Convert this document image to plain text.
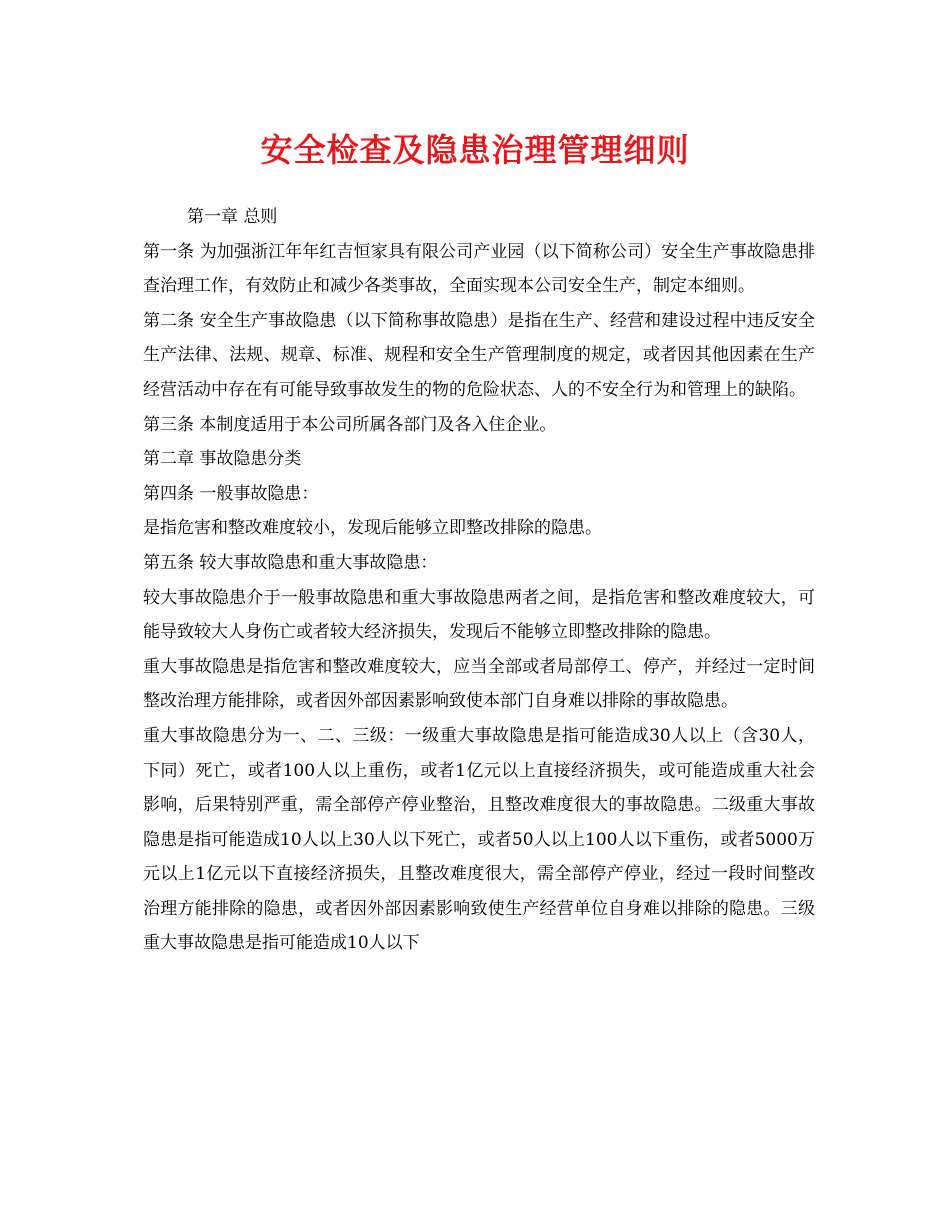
安全检查及隐患治理管理细则

第一章 总则

第一条 为加强浙江年年红吉恒家具有限公司产业园（以下简称公司）安全生产事故隐患排查治理工作，有效防止和减少各类事故，全面实现本公司安全生产，制定本细则。

第二条 安全生产事故隐患（以下简称事故隐患）是指在生产、经营和建设过程中违反安全生产法律、法规、规章、标准、规程和安全生产管理制度的规定，或者因其他因素在生产经营活动中存在有可能导致事故发生的物的危险状态、人的不安全行为和管理上的缺陷。

第三条 本制度适用于本公司所属各部门及各入住企业。

第二章 事故隐患分类

第四条 一般事故隐患：

是指危害和整改难度较小，发现后能够立即整改排除的隐患。

第五条 较大事故隐患和重大事故隐患：

较大事故隐患介于一般事故隐患和重大事故隐患两者之间，是指危害和整改难度较大，可能导致较大人身伤亡或者较大经济损失，发现后不能够立即整改排除的隐患。

重大事故隐患是指危害和整改难度较大，应当全部或者局部停工、停产，并经过一定时间整改治理方能排除，或者因外部因素影响致使本部门自身难以排除的事故隐患。

重大事故隐患分为一、二、三级：一级重大事故隐患是指可能造成30人以上（含30人，下同）死亡，或者100人以上重伤，或者1亿元以上直接经济损失，或可能造成重大社会影响，后果特别严重，需全部停产停业整治，且整改难度很大的事故隐患。二级重大事故隐患是指可能造成10人以上30人以下死亡，或者50人以上100人以下重伤，或者5000万元以上1亿元以下直接经济损失，且整改难度很大，需全部停产停业，经过一段时间整改治理方能排除的隐患，或者因外部因素影响致使生产经营单位自身难以排除的隐患。三级重大事故隐患是指可能造成10人以下
